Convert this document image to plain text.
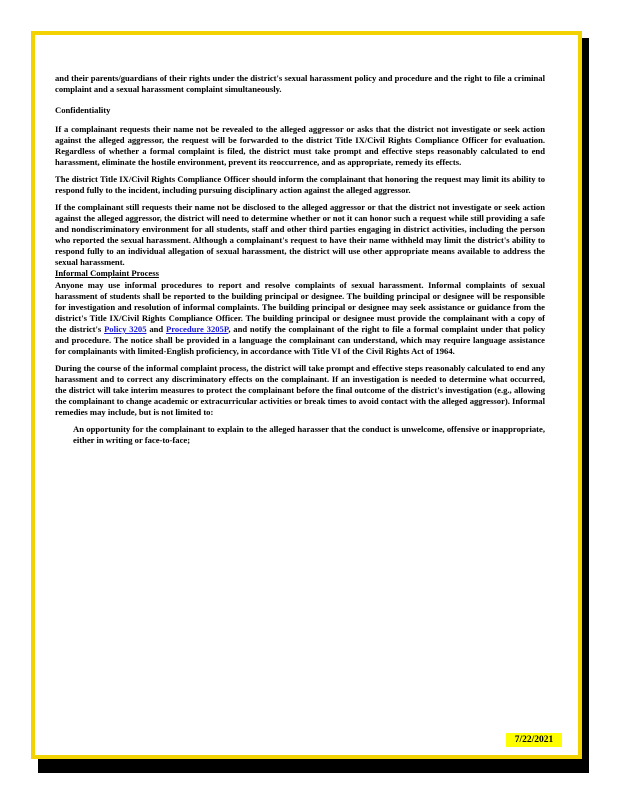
and their parents/guardians of their rights under the district's sexual harassment policy and procedure and the right to file a criminal complaint and a sexual harassment complaint simultaneously.

Confidentiality

If a complainant requests their name not be revealed to the alleged aggressor or asks that the district not investigate or seek action against the alleged aggressor, the request will be forwarded to the district Title IX/Civil Rights Compliance Officer for evaluation. Regardless of whether a formal complaint is filed, the district must take prompt and effective steps reasonably calculated to end harassment, eliminate the hostile environment, prevent its reoccurrence, and as appropriate, remedy its effects.

The district Title IX/Civil Rights Compliance Officer should inform the complainant that honoring the request may limit its ability to respond fully to the incident, including pursuing disciplinary action against the alleged aggressor.

If the complainant still requests their name not be disclosed to the alleged aggressor or that the district not investigate or seek action against the alleged aggressor, the district will need to determine whether or not it can honor such a request while still providing a safe and nondiscriminatory environment for all students, staff and other third parties engaging in district activities, including the person who reported the sexual harassment. Although a complainant's request to have their name withheld may limit the district's ability to respond fully to an individual allegation of sexual harassment, the district will use other appropriate means available to address the sexual harassment.

Informal Complaint Process

Anyone may use informal procedures to report and resolve complaints of sexual harassment. Informal complaints of sexual harassment of students shall be reported to the building principal or designee. The building principal or designee will be responsible for investigation and resolution of informal complaints. The building principal or designee may seek assistance or guidance from the district's Title IX/Civil Rights Compliance Officer. The building principal or designee must provide the complainant with a copy of the district's Policy 3205 and Procedure 3205P, and notify the complainant of the right to file a formal complaint under that policy and procedure. The notice shall be provided in a language the complainant can understand, which may require language assistance for complainants with limited-English proficiency, in accordance with Title VI of the Civil Rights Act of 1964.

During the course of the informal complaint process, the district will take prompt and effective steps reasonably calculated to end any harassment and to correct any discriminatory effects on the complainant. If an investigation is needed to determine what occurred, the district will take interim measures to protect the complainant before the final outcome of the district's investigation (e.g., allowing the complainant to change academic or extracurricular activities or break times to avoid contact with the alleged aggressor). Informal remedies may include, but is not limited to:

An opportunity for the complainant to explain to the alleged harasser that the conduct is unwelcome, offensive or inappropriate, either in writing or face-to-face;

7/22/2021
